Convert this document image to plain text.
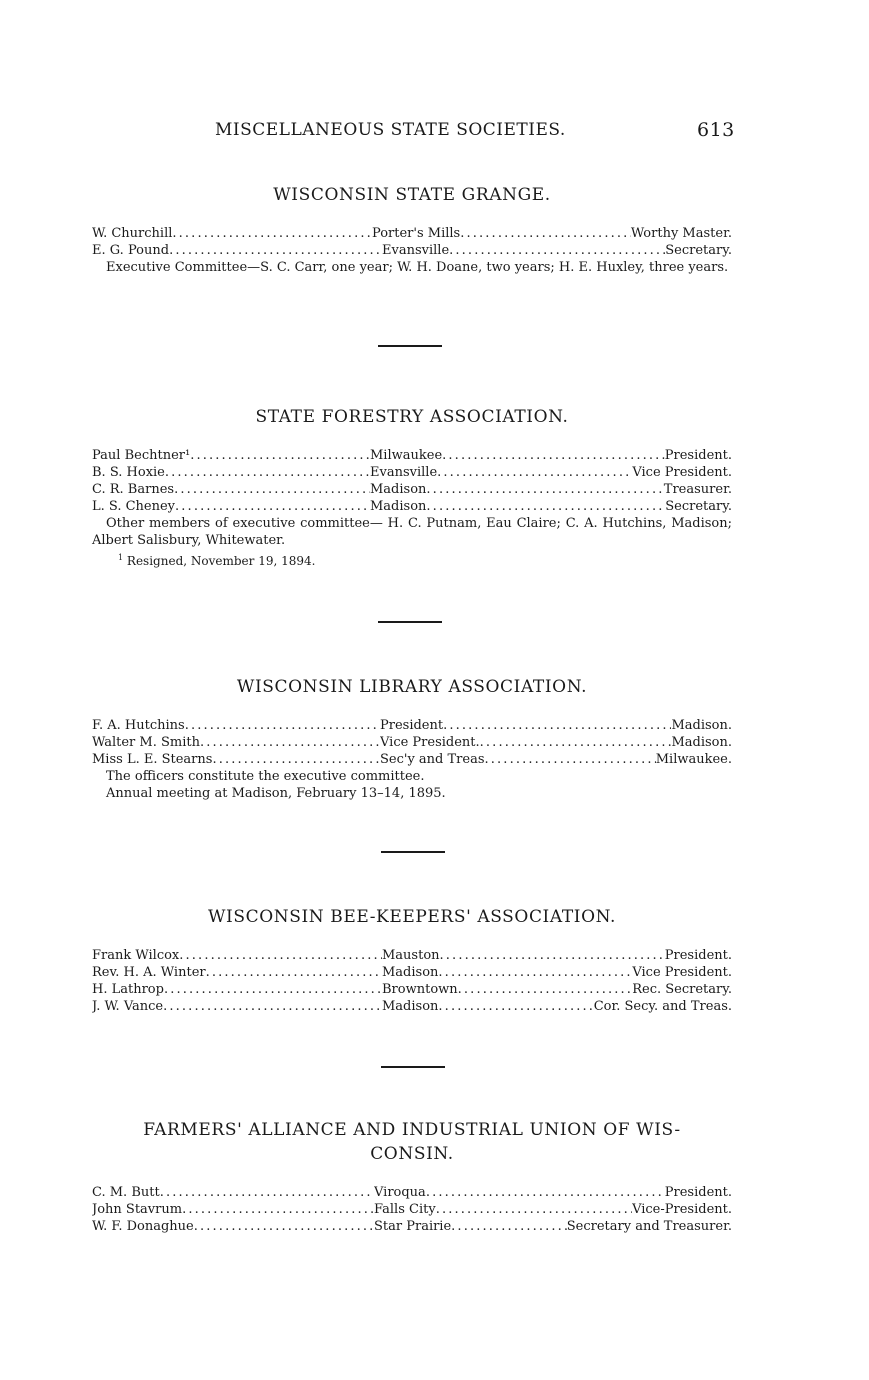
MISCELLANEOUS STATE SOCIETIES.	613
WISCONSIN STATE GRANGE.
W. Churchill . . .	Porter's Mills . . .	Worthy Master.
E. G. Pound . . .	Evansville . . .	Secretary.
Executive Committee—S. C. Carr, one year; W. H. Doane, two years; H. E. Huxley, three years.
STATE FORESTRY ASSOCIATION.
Paul Bechtner¹ . . .	Milwaukee . . .	President.
B. S. Hoxie . . .	Evansville . . .	Vice President.
C. R. Barnes . . .	Madison . . .	Treasurer.
L. S. Cheney . . .	Madison . . .	Secretary.
Other members of executive committee— H. C. Putnam, Eau Claire; C. A. Hutchins, Madison; Albert Salisbury, Whitewater.
$^1$ Resigned, November 19, 1894.
WISCONSIN LIBRARY ASSOCIATION.
F. A. Hutchins . . .	President . . .	Madison.
Walter M. Smith . . .	Vice President. . . .	Madison.
Miss L. E. Stearns . . .	Sec'y and Treas . . .	Milwaukee.
The officers constitute the executive committee.
Annual meeting at Madison, February 13–14, 1895.
WISCONSIN BEE-KEEPERS' ASSOCIATION.
Frank Wilcox . . .	Mauston . . .	President.
Rev. H. A. Winter . . .	Madison . . .	Vice President.
H. Lathrop . . .	Browntown . . .	Rec. Secretary.
J. W. Vance . . .	Madison . . .	Cor. Secy. and Treas.
FARMERS' ALLIANCE AND INDUSTRIAL UNION OF WIS-
CONSIN.
C. M. Butt . . .	Viroqua . . .	President.
John Stavrum . . .	Falls City . . .	Vice-President.
W. F. Donaghue . . .	Star Prairie . . .	Secretary and Treasurer.
